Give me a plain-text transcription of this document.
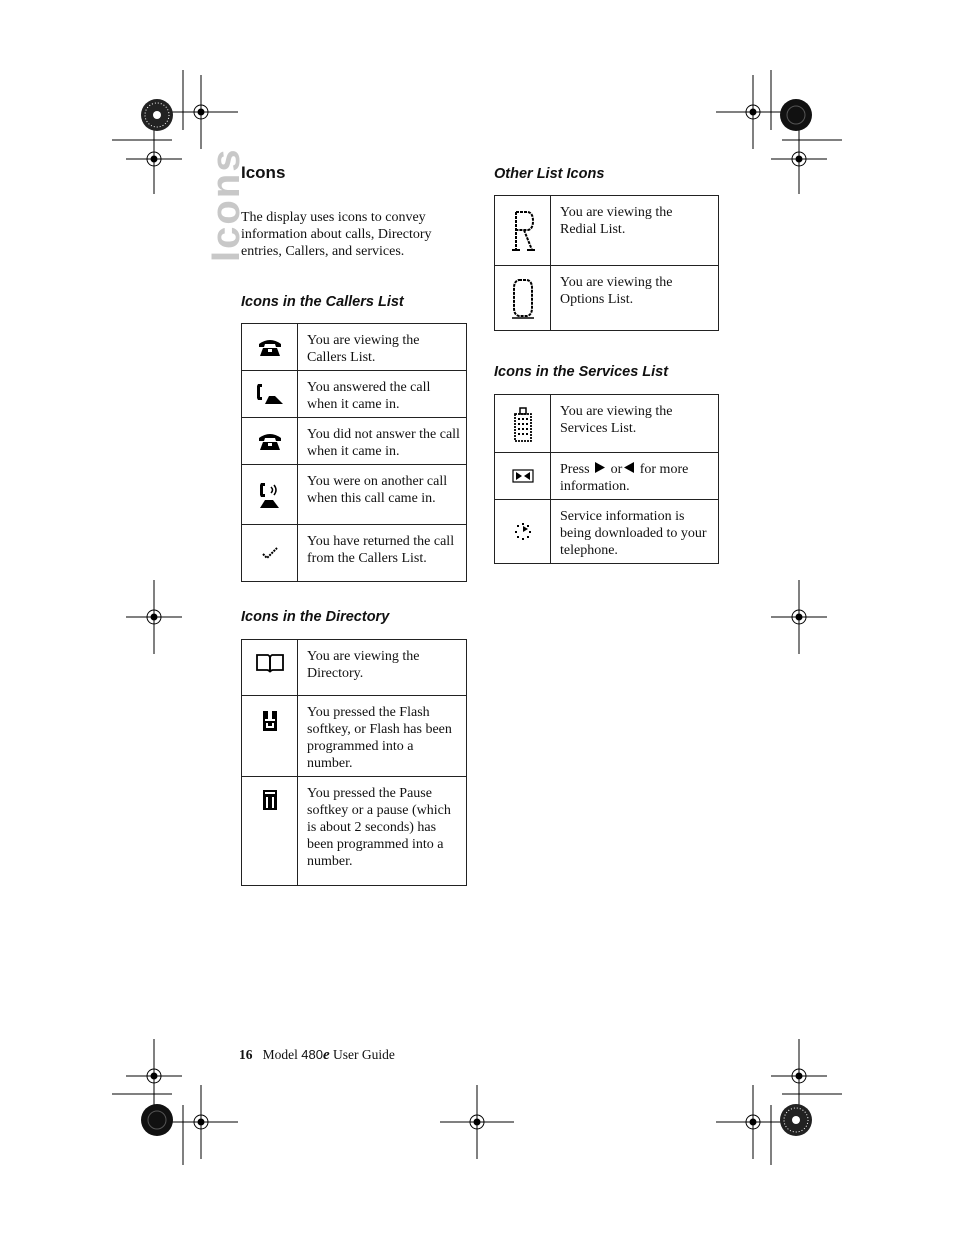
Icons
Icons
The display uses icons to convey information about calls, Directory entries, Callers, and services.
Icons in the Callers List
	You are viewing the Callers List.

	You answered the call when it came in.

	You did not answer the call when it came in.

	You were on another call when this call came in.

	You have returned the call from the Callers List.
Icons in the Directory
	You are viewing the Directory.

	You pressed the Flash softkey, or Flash has been programmed into a number.

	You pressed the Pause softkey or a pause (which is about 2 seconds) has been programmed into a number.
Other List Icons
	You are viewing the Redial List.

	You are viewing the Options List.
Icons in the Services List
	You are viewing the Services List.

	Press or for more information.

	Service information is being downloaded to your telephone.
16 Model 480e User Guide
